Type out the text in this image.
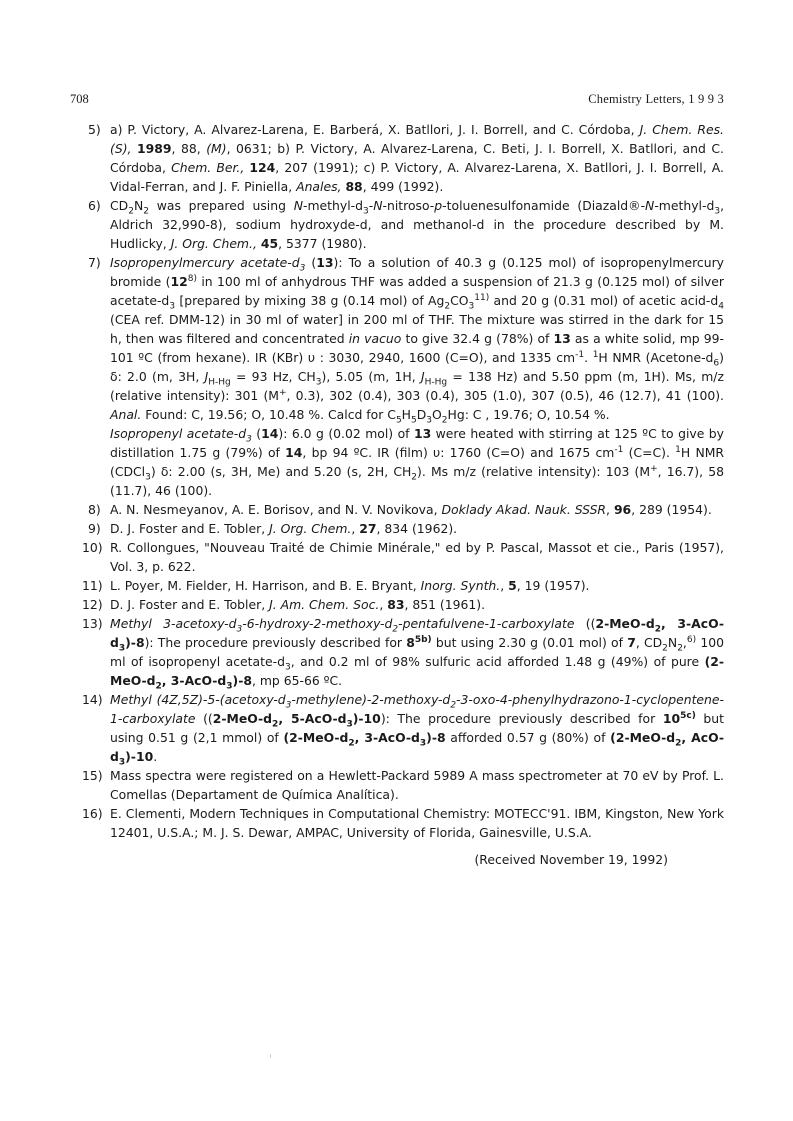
708	Chemistry Letters, 1 9 9 3
5) a) P. Victory, A. Alvarez-Larena, E. Barberá, X. Batllori, J. I. Borrell, and C. Córdoba, J. Chem. Res. (S), 1989, 88, (M), 0631; b) P. Victory, A. Alvarez-Larena, C. Beti, J. I. Borrell, X. Batllori, and C. Córdoba, Chem. Ber., 124, 207 (1991); c) P. Victory, A. Alvarez-Larena, X. Batllori, J. I. Borrell, A. Vidal-Ferran, and J. F. Piniella, Anales, 88, 499 (1992).

6) $CD_2N_2$ was prepared using $N-methyl-d_3-N-nitroso-p$-toluenesulfonamide ($Diazald®-N-methyl-d_3$, Aldrich 32,990-8), sodium hydroxyde-d, and methanol-d in the procedure described by M. Hudlicky, J. Org. Chem., 45, 5377 (1980).

7) Isopropenylmercury acetate-$d_3$ (13): To a solution of 40.3 g (0.125 mol) of isopropenylmercury bromide (12$^{8)}$ in 100 ml of anhydrous THF was added a suspension of 21.3 g (0.125 mol) of silver acetate-$d_3$ [prepared by mixing 38 g (0.14 mol) of $Ag_2CO_3^{11)}$ and 20 g (0.31 mol) of acetic acid-$d_4$ (CEA ref. DMM-12) in 30 ml of water] in 200 ml of THF. The mixture was stirred in the dark for 15 h, then was filtered and concentrated in vacuo to give 32.4 g (78%) of 13 as a white solid, mp 99-101 ºC (from hexane). IR (KBr) υ : 3030, 2940, 1600 (C=O), and 1335 $cm^{-1}$. $^1$H NMR $(Acetone-d_6)$ δ: 2.0 (m, 3H, $J_{H-Hg} = 93$ Hz, $CH_3$), 5.05 (m, 1H, $J_{H-Hg} = 138$ Hz) and 5.50 ppm (m, 1H). Ms, m/z (relative intensity): 301 (M+, 0.3), 302 (0.4), 303 (0.4), 305 (1.0), 307 (0.5), 46 (12.7), 41 (100). Anal. Found: C, 19.56; O, 10.48 %. Calcd for $C_5H_5D_3O_2Hg$: C , 19.76; O, 10.54 %.

Isopropenyl acetate-$d_3$ (14): 6.0 g (0.02 mol) of 13 were heated with stirring at 125 ºC to give by distillation 1.75 g (79%) of 14, bp 94 ºC. IR (film) υ: 1760 (C=O) and 1675 $cm^{-1}$ (C=C). $^1$H NMR (CDCl$_3$) δ: 2.00 (s, 3H, Me) and 5.20 (s, 2H, $CH_2$). Ms m/z (relative intensity): 103 (M+, 16.7), 58 (11.7), 46 (100).

8) A. N. Nesmeyanov, A. E. Borisov, and N. V. Novikova, Doklady Akad. Nauk. SSSR, 96, 289 (1954).

9) D. J. Foster and E. Tobler, J. Org. Chem., 27, 834 (1962).

10) R. Collongues, "Nouveau Traité de Chimie Minérale," ed by P. Pascal, Massot et cie., Paris (1957), Vol. 3, p. 622.

11) L. Poyer, M. Fielder, H. Harrison, and B. E. Bryant, Inorg. Synth., 5, 19 (1957).

12) D. J. Foster and E. Tobler, J. Am. Chem. Soc., 83, 851 (1961).

13) Methyl $3-acetoxy-d_3-6-hydroxy-2-methoxy-d_2-pentafulvene-1$-carboxylate (($2-MeO-d_2$, $3-AcO-d_3)-8$): The procedure previously described for $8^{5b)}$ but using 2.30 g (0.01 mol) of 7, $CD_2N_2,^{6)}$ 100 ml of isopropenyl acetate-$d_3$, and 0.2 ml of 98% sulfuric acid afforded 1.48 g (49%) of pure ($2-MeO-d_2$, $3-AcO-d_3)-8$, mp 65-66 ºC.

14) Methyl $(4Z,5Z)-5-(acetoxy-d_3-methylene)-2-methoxy-d_2-3-oxo-4-phenylhydrazono-1-cyclopentene-1$-carboxylate (($2-MeO-d_2$, $5-AcO-d_3)-10$): The procedure previously described for $10^{5c)}$ but using 0.51 g (2,1 mmol) of ($2-MeO-d_2$, $3-AcO-d_3)-8$ afforded 0.57 g (80%) of ($2-MeO-d_2$, AcO-$d_3)-10$.

15) Mass spectra were registered on a Hewlett-Packard 5989 A mass spectrometer at 70 eV by Prof. L. Comellas (Departament de Química Analítica).

16) E. Clementi, Modern Techniques in Computational Chemistry: MOTECC'91. IBM, Kingston, New York 12401, U.S.A.; M. J. S. Dewar, AMPAC, University of Florida, Gainesville, U.S.A.

(Received November 19, 1992)
